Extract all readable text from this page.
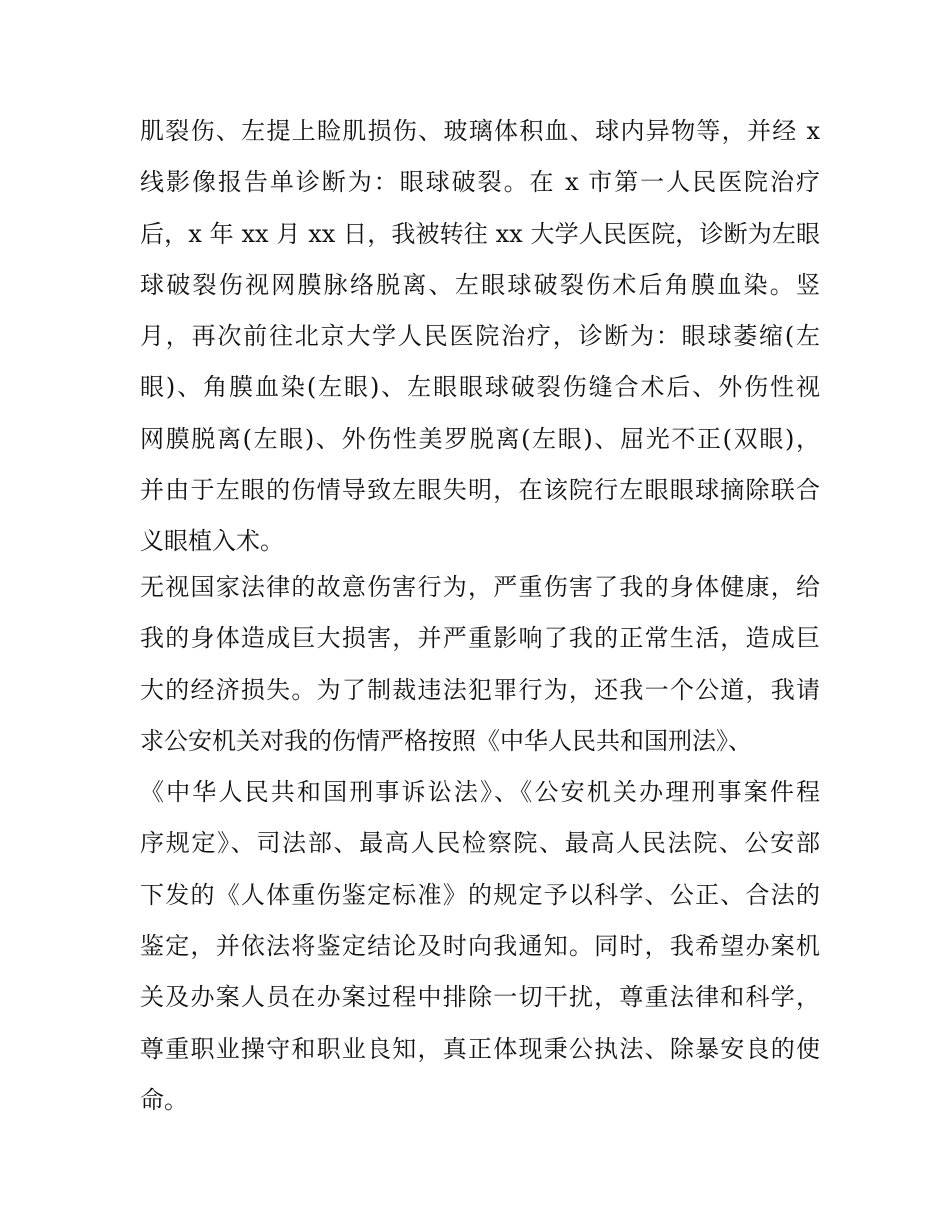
肌裂伤、左提上睑肌损伤、玻璃体积血、球内异物等，并经 x
线影像报告单诊断为：眼球破裂。在 x 市第一人民医院治疗
后，x 年 xx 月 xx 日，我被转往 xx 大学人民医院，诊断为左眼
球破裂伤视网膜脉络脱离、左眼球破裂伤术后角膜血染。竖
月，再次前往北京大学人民医院治疗，诊断为：眼球萎缩(左
眼)、角膜血染(左眼)、左眼眼球破裂伤缝合术后、外伤性视
网膜脱离(左眼)、外伤性美罗脱离(左眼)、屈光不正(双眼)，
并由于左眼的伤情导致左眼失明，在该院行左眼眼球摘除联合
义眼植入术。
无视国家法律的故意伤害行为，严重伤害了我的身体健康，给
我的身体造成巨大损害，并严重影响了我的正常生活，造成巨
大的经济损失。为了制裁违法犯罪行为，还我一个公道，我请
求公安机关对我的伤情严格按照《中华人民共和国刑法》、
《中华人民共和国刑事诉讼法》、《公安机关办理刑事案件程
序规定》、司法部、最高人民检察院、最高人民法院、公安部
下发的《人体重伤鉴定标准》的规定予以科学、公正、合法的
鉴定，并依法将鉴定结论及时向我通知。同时，我希望办案机
关及办案人员在办案过程中排除一切干扰，尊重法律和科学，
尊重职业操守和职业良知，真正体现秉公执法、除暴安良的使
命。
